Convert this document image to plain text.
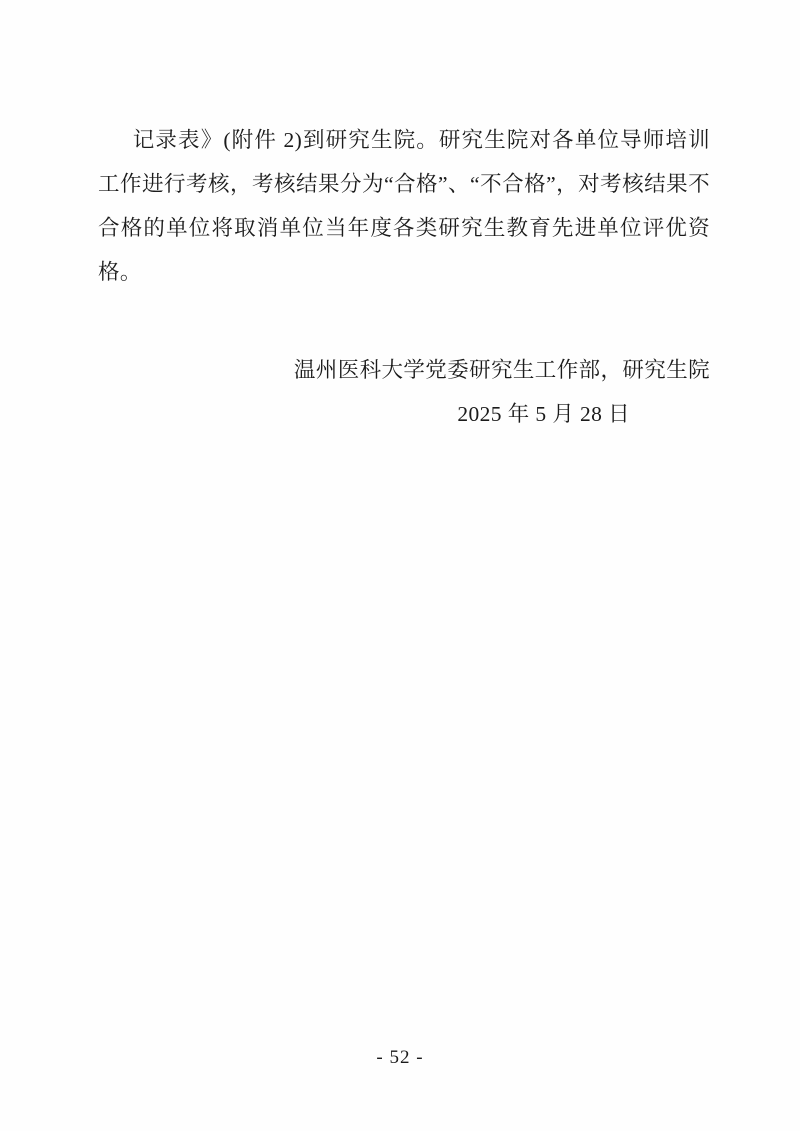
记录表》(附件 2)到研究生院。研究生院对各单位导师培训工作进行考核，考核结果分为“合格”、“不合格”，对考核结果不合格的单位将取消单位当年度各类研究生教育先进单位评优资格。

温州医科大学党委研究生工作部，研究生院
2025 年 5 月 28 日
- 52 -
